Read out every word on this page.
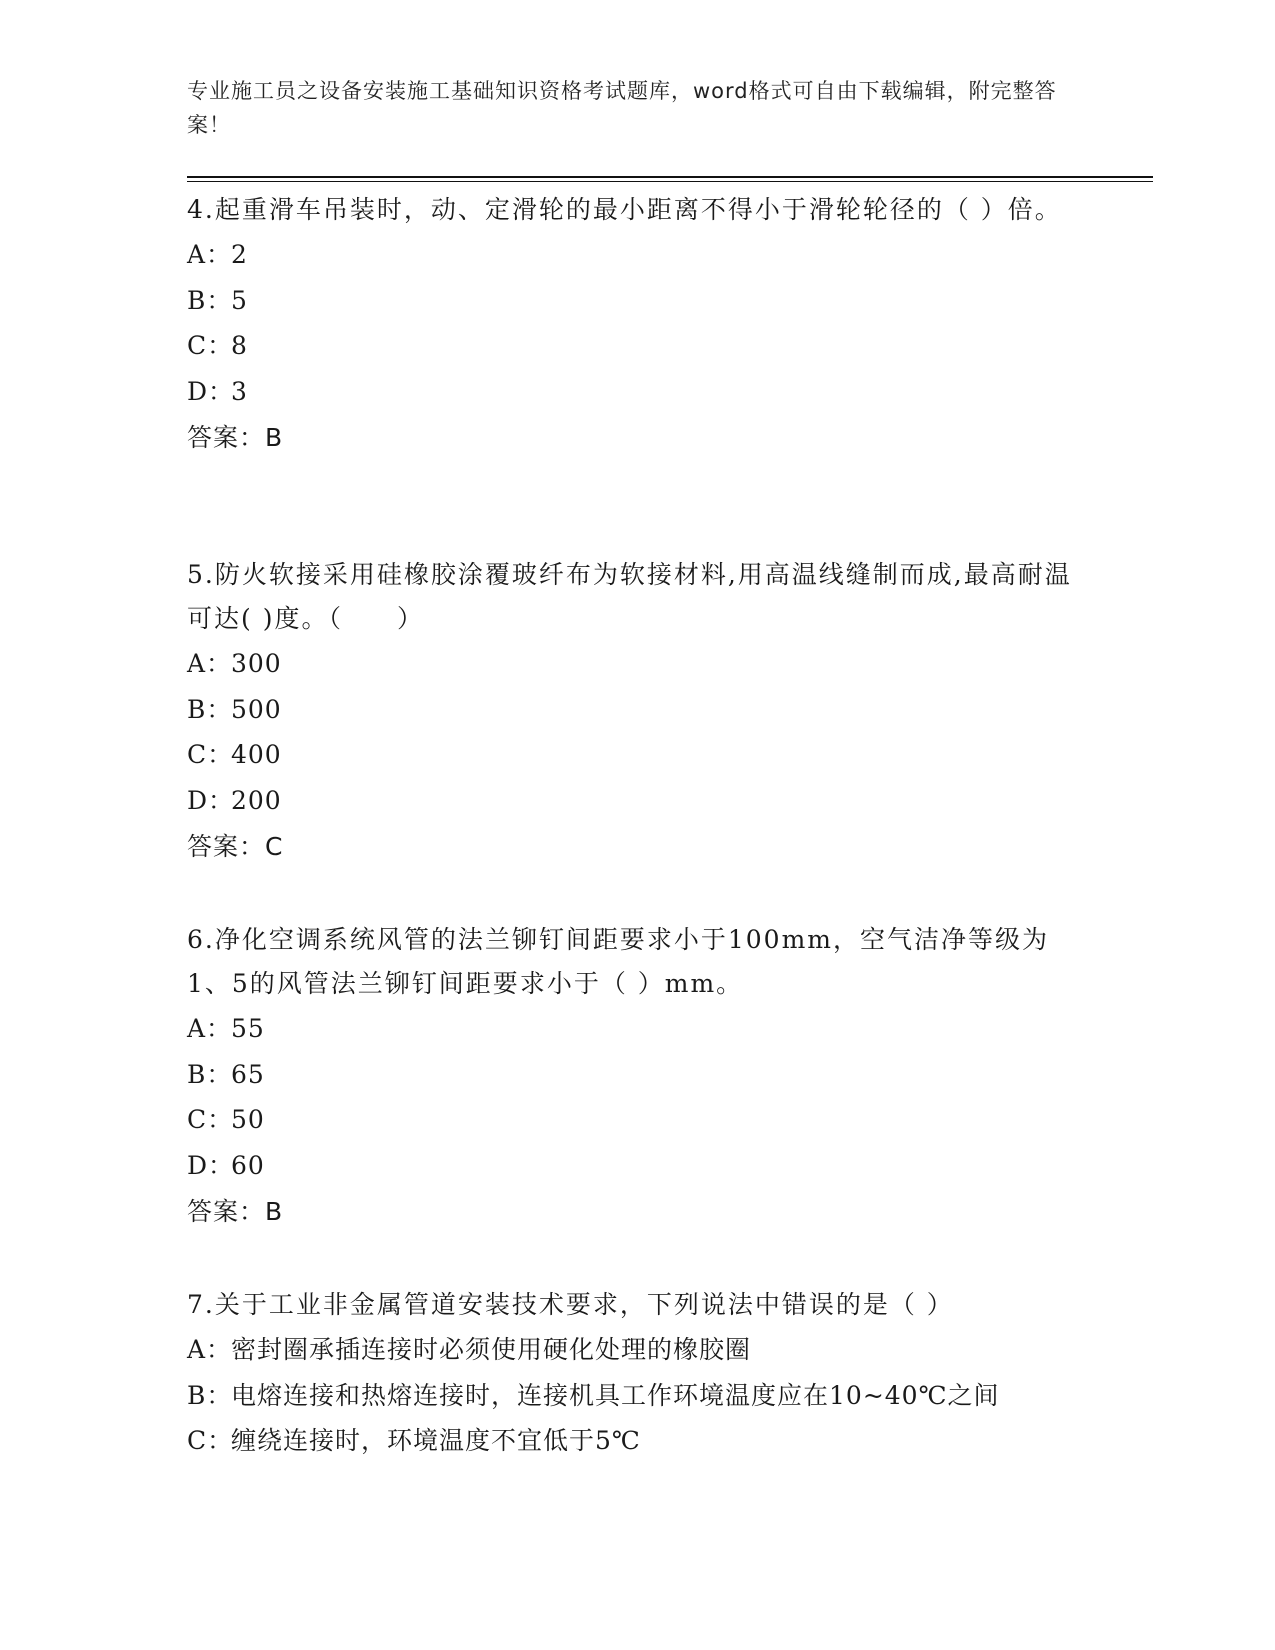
专业施工员之设备安装施工基础知识资格考试题库，word格式可自由下载编辑，附完整答案！

4.起重滑车吊装时，动、定滑轮的最小距离不得小于滑轮轮径的（ ）倍。

A：2
B：5
C：8
D：3
答案：B

5.防火软接采用硅橡胶涂覆玻纤布为软接材料,用高温线缝制而成,最高耐温可达( )度。（　　）

A：300
B：500
C：400
D：200
答案：C

6.净化空调系统风管的法兰铆钉间距要求小于100mm，空气洁净等级为1、5的风管法兰铆钉间距要求小于（ ）mm。

A：55
B：65
C：50
D：60
答案：B

7.关于工业非金属管道安装技术要求，下列说法中错误的是（ ）

A：密封圈承插连接时必须使用硬化处理的橡胶圈
B：电熔连接和热熔连接时，连接机具工作环境温度应在10~40℃之间
C：缠绕连接时，环境温度不宜低于5℃
